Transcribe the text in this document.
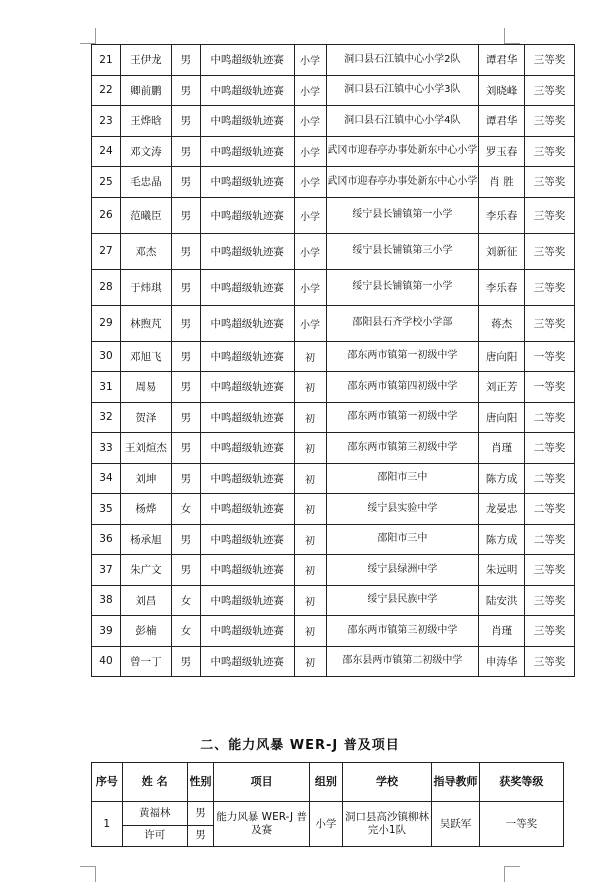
21	王伊龙	男	中鸣超级轨迹赛	小学	洞口县石江镇中心小学2队	谭君华	三等奖
22	卿前鹏	男	中鸣超级轨迹赛	小学	洞口县石江镇中心小学3队	刘晓峰	三等奖
23	王烨晗	男	中鸣超级轨迹赛	小学	洞口县石江镇中心小学4队	谭君华	三等奖
24	邓文涛	男	中鸣超级轨迹赛	小学	武冈市迎春亭办事处新东中心小学	罗玉春	三等奖
25	毛忠晶	男	中鸣超级轨迹赛	小学	武冈市迎春亭办事处新东中心小学	肖 胜	三等奖
26	范曦臣	男	中鸣超级轨迹赛	小学	绥宁县长铺镇第一小学	李乐春	三等奖
27	邓杰	男	中鸣超级轨迹赛	小学	绥宁县长铺镇第三小学	刘新征	三等奖
28	于炜琪	男	中鸣超级轨迹赛	小学	绥宁县长铺镇第一小学	李乐春	三等奖
29	林煦芃	男	中鸣超级轨迹赛	小学	邵阳县石齐学校小学部	蒋杰	三等奖
30	邓旭飞	男	中鸣超级轨迹赛	初	邵东两市镇第一初级中学	唐向阳	一等奖
31	周易	男	中鸣超级轨迹赛	初	邵东两市镇第四初级中学	刘正芳	一等奖
32	贺泽	男	中鸣超级轨迹赛	初	邵东两市镇第一初级中学	唐向阳	二等奖
33	王刘煊杰	男	中鸣超级轨迹赛	初	邵东两市镇第三初级中学	肖瑾	二等奖
34	刘坤	男	中鸣超级轨迹赛	初	邵阳市三中	陈方成	二等奖
35	杨烨	女	中鸣超级轨迹赛	初	绥宁县实验中学	龙晏忠	二等奖
36	杨承旭	男	中鸣超级轨迹赛	初	邵阳市三中	陈方成	二等奖
37	朱广文	男	中鸣超级轨迹赛	初	绥宁县绿洲中学	朱远明	三等奖
38	刘昌	女	中鸣超级轨迹赛	初	绥宁县民族中学	陆安洪	三等奖
39	彭楠	女	中鸣超级轨迹赛	初	邵东两市镇第三初级中学	肖瑾	三等奖
40	曾一丁	男	中鸣超级轨迹赛	初	邵东县两市镇第二初级中学	申涛华	三等奖
二、能力风暴 WER-J 普及项目
序号	姓 名	性别	项目	组别	学校	指导教师	获奖等级
1	黄福林	男	能力风暴 WER-J 普及赛	小学	洞口县高沙镇柳林完小1队	吴跃军	一等奖
	许可	男					
